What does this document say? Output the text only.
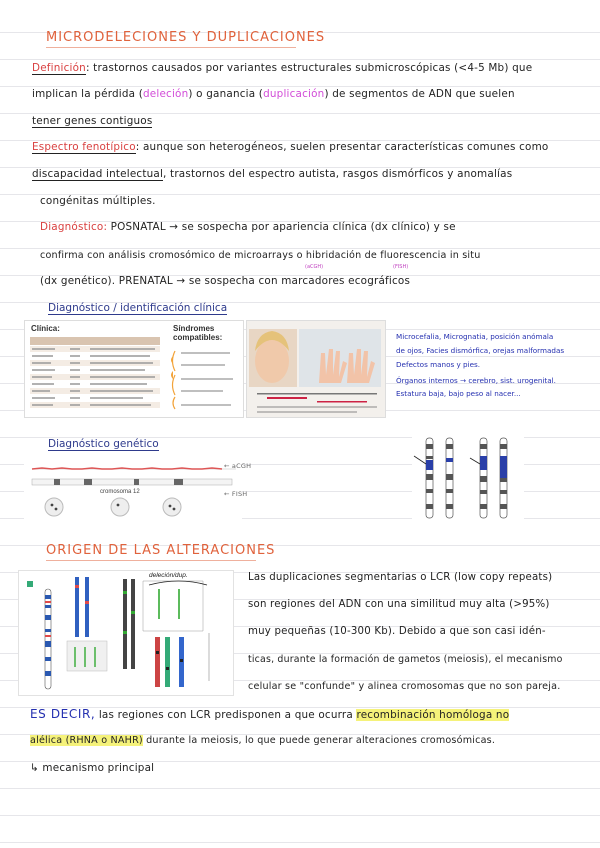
MICRODELECIONES Y DUPLICACIONES
Definición: trastornos causados por variantes estructurales submicroscópicas (<4-5 Mb) que
implican la pérdida (deleción) o ganancia (duplicación) de segmentos de ADN que suelen
tener genes contiguos
Espectro fenotípico: aunque son heterogéneos, suelen presentar características comunes como
discapacidad intelectual, trastornos del espectro autista, rasgos dismórficos y anomalías
congénitas múltiples.
Diagnóstico: POSNATAL → se sospecha por apariencia clínica (dx clínico) y se
confirma con análisis cromosómico de microarrays o hibridación de fluorescencia in situ
(aCGH)	(FISH)
(dx genético). PRENATAL → se sospecha con marcadores ecográficos
Diagnóstico / identificación clínica
Clínica:	Síndromes compatibles:	Microcefalia, Micrognatia, posición anómala
de ojos, Facies dismórfica, orejas malformadas
Defectos manos y pies.
Órganos internos → cerebro, sist. urogenital.
Estatura baja, bajo peso al nacer...
Diagnóstico genético
cromosoma 12
← aCGH
← FISH
ORIGEN DE LAS ALTERACIONES
deleción/dup.	Las duplicaciones segmentarias o LCR (low copy repeats)
son regiones del ADN con una similitud muy alta (>95%)
muy pequeñas (10-300 Kb). Debido a que son casi idén-
ticas, durante la formación de gametos (meiosis), el mecanismo
celular se "confunde" y alinea cromosomas que no son pareja.
ES DECIR, las regiones con LCR predisponen a que ocurra recombinación homóloga no
alélica (RHNA o NAHR) durante la meiosis, lo que puede generar alteraciones cromosómicas.
↳ mecanismo principal
